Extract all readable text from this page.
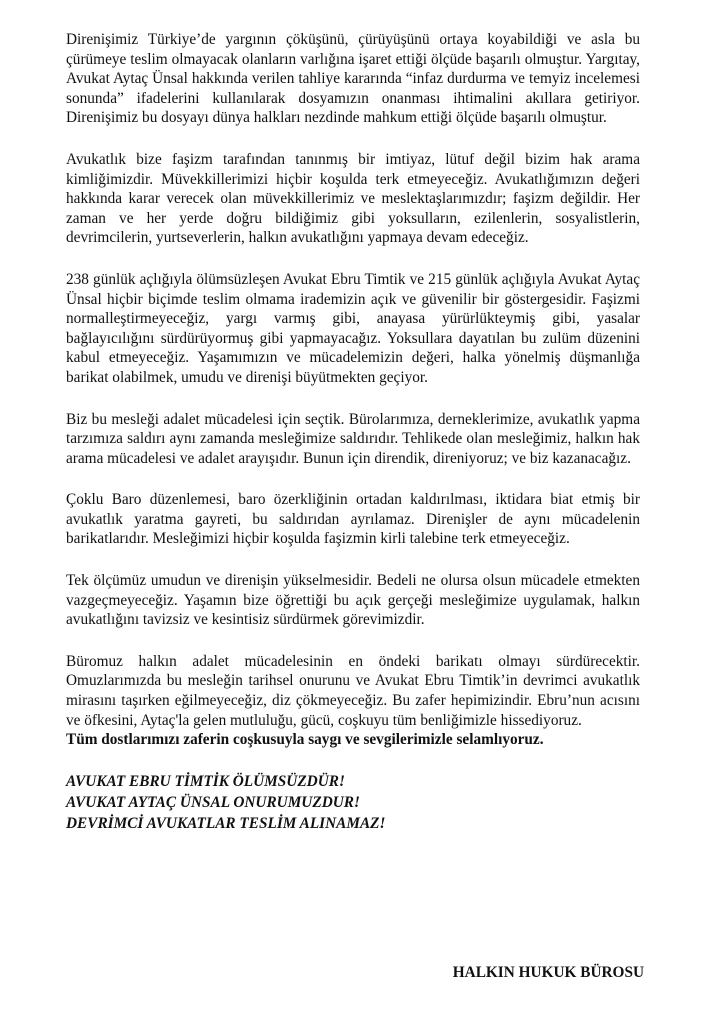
Direnişimiz Türkiye’de yargının çöküşünü, çürüyüşünü ortaya koyabildiği ve asla bu çürümeye teslim olmayacak olanların varlığına işaret ettiği ölçüde başarılı olmuştur. Yargıtay, Avukat Aytaç Ünsal hakkında verilen tahliye kararında “infaz durdurma ve temyiz incelemesi sonunda” ifadelerini kullanılarak dosyamızın onanması ihtimalini akıllara getiriyor. Direnişimiz bu dosyayı dünya halkları nezdinde mahkum ettiği ölçüde başarılı olmuştur.

Avukatlık bize faşizm tarafından tanınmış bir imtiyaz, lütuf değil bizim hak arama kimliğimizdir. Müvekkillerimizi hiçbir koşulda terk etmeyeceğiz. Avukatlığımızın değeri hakkında karar verecek olan müvekkillerimiz ve meslektaşlarımızdır; faşizm değildir. Her zaman ve her yerde doğru bildiğimiz gibi yoksulların, ezilenlerin, sosyalistlerin, devrimcilerin, yurtseverlerin, halkın avukatlığını yapmaya devam edeceğiz.

238 günlük açlığıyla ölümsüzleşen Avukat Ebru Timtik ve 215 günlük açlığıyla Avukat Aytaç Ünsal hiçbir biçimde teslim olmama irademizin açık ve güvenilir bir göstergesidir. Faşizmi normalleştirmeyeceğiz, yargı varmış gibi, anayasa yürürlükteymiş gibi, yasalar bağlayıcılığını sürdürüyormuş gibi yapmayacağız. Yoksullara dayatılan bu zulüm düzenini kabul etmeyeceğiz. Yaşamımızın ve mücadelemizin değeri, halka yönelmiş düşmanlığa barikat olabilmek, umudu ve direnişi büyütmekten geçiyor.

Biz bu mesleği adalet mücadelesi için seçtik. Bürolarımıza, derneklerimize, avukatlık yapma tarzımıza saldırı aynı zamanda mesleğimize saldırıdır. Tehlikede olan mesleğimiz, halkın hak arama mücadelesi ve adalet arayışıdır. Bunun için direndik, direniyoruz; ve biz kazanacağız.

Çoklu Baro düzenlemesi, baro özerkliğinin ortadan kaldırılması, iktidara biat etmiş bir avukatlık yaratma gayreti, bu saldırıdan ayrılamaz. Direnişler de aynı mücadelenin barikatlarıdır. Mesleğimizi hiçbir koşulda faşizmin kirli talebine terk etmeyeceğiz.

Tek ölçümüz umudun ve direnişin yükselmesidir. Bedeli ne olursa olsun mücadele etmekten vazgeçmeyeceğiz. Yaşamın bize öğrettiği bu açık gerçeği mesleğimize uygulamak, halkın avukatlığını tavizsiz ve kesintisiz sürdürmek görevimizdir.

Büromuz halkın adalet mücadelesinin en öndeki barikatı olmayı sürdürecektir. Omuzlarımızda bu mesleğin tarihsel onurunu ve Avukat Ebru Timtik’in devrimci avukatlık mirasını taşırken eğilmeyeceğiz, diz çökmeyeceğiz. Bu zafer hepimizindir. Ebru’nun acısını ve öfkesini, Aytaç'la gelen mutluluğu, gücü, coşkuyu tüm benliğimizle hissediyoruz.

Tüm dostlarımızı zaferin coşkusuyla saygı ve sevgilerimizle selamlıyoruz.

AVUKAT EBRU TİMTİK ÖLÜMSÜZDÜR!
AVUKAT AYTAÇ ÜNSAL ONURUMUZDUR!
DEVRİMCİ AVUKATLAR TESLİM ALINAMAZ!
HALKIN HUKUK BÜROSU
